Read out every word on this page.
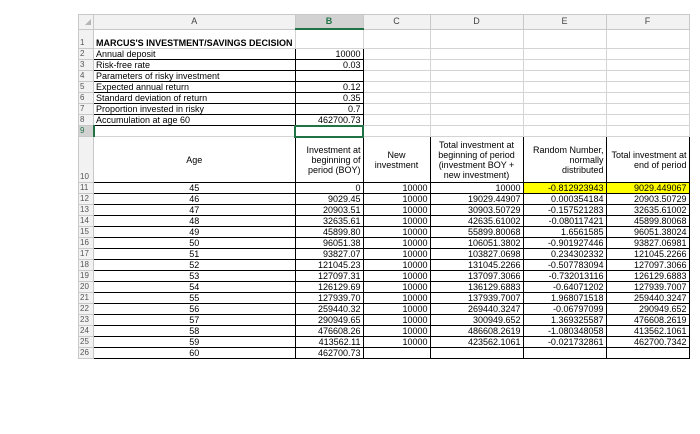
	A	B	C	D	E	F
1	MARCUS'S INVESTMENT/SAVINGS DECISION					
2	Annual deposit	10000				
3	Risk-free rate	0.03				
4	Parameters of risky investment					
5	Expected annual return	0.12				
6	Standard deviation of return	0.35				
7	Proportion invested in risky	0.7				
8	Accumulation at age 60	462700.73				
9						
10	Age	Investment at beginning of period (BOY)	New investment	Total investment at beginning of period (investment BOY + new investment)	Random Number, normally distributed	Total investment at end of period
11	45	0	10000	10000	-0.812923943	9029.449067
12	46	9029.45	10000	19029.44907	0.000354184	20903.50729
13	47	20903.51	10000	30903.50729	-0.157521283	32635.61002
14	48	32635.61	10000	42635.61002	-0.080117421	45899.80068
15	49	45899.80	10000	55899.80068	1.6561585	96051.38024
16	50	96051.38	10000	106051.3802	-0.901927446	93827.06981
17	51	93827.07	10000	103827.0698	0.234302332	121045.2266
18	52	121045.23	10000	131045.2266	-0.507783094	127097.3066
19	53	127097.31	10000	137097.3066	-0.732013116	126129.6883
20	54	126129.69	10000	136129.6883	-0.64071202	127939.7007
21	55	127939.70	10000	137939.7007	1.968071518	259440.3247
22	56	259440.32	10000	269440.3247	-0.06797099	290949.652
23	57	290949.65	10000	300949.652	1.369325587	476608.2619
24	58	476608.26	10000	486608.2619	-1.080348058	413562.1061
25	59	413562.11	10000	423562.1061	-0.021732861	462700.7342
26	60	462700.73				
